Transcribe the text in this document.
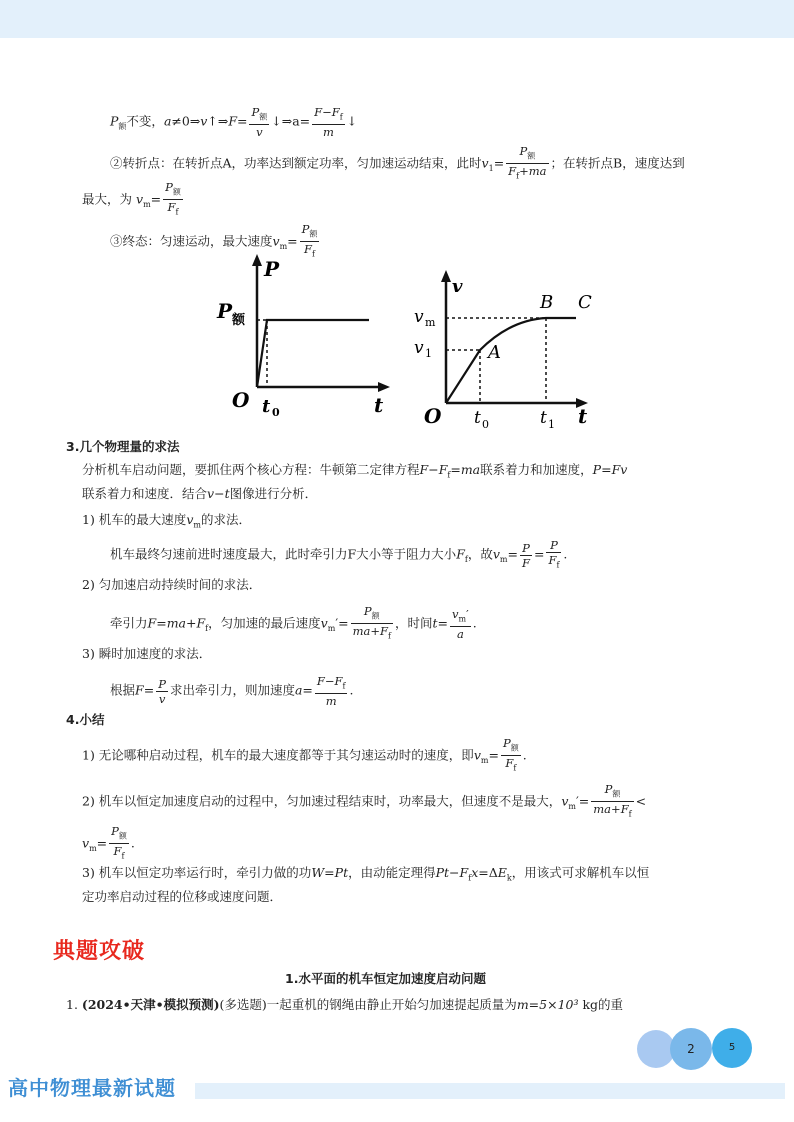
$P_额$不变，a≠0⇒v↑⇒F= $\frac{P_额}{v}$ ↓⇒a= $\frac{F-F_f}{m}$ ↓
②转折点：在转折点A，功率达到额定功率，匀加速运动结束，此时$v_1= \frac{P_额}{F_f+ma}$ ；在转折点B，速度达到
最大，为 $v_m= \frac{P_额}{F_f}$
③终态：匀速运动，最大速度$v_m= \frac{P_额}{F_f}$
P
P 额
O t 0	t
v
v m
v 1	A
B C
O t 0	t 1 t
3.几个物理量的求法
分析机车启动问题，要抓住两个核心方程：牛顿第二定律方程$F-F_f=ma$联系着力和加速度，P=Fv
联系着力和速度．结合v−t图像进行分析．
1) 机车的最大速度$v_m$的求法．
机车最终匀速前进时速度最大，此时牵引力F大小等于阻力大小$F_f$，故$v_m= \frac{P}{F} = \frac{P}{F_f}$ .
2) 匀加速启动持续时间的求法．
牵引力$F=ma+F_f$，匀加速的最后速度$v_m'= \frac{P_额}{ma+F_f}$ ，时间$t= \frac{v_m'}{a}$ .
3) 瞬时加速度的求法．
根据$F= \frac{P}{v}$ 求出牵引力，则加速度$a= \frac{F-F_f}{m}$ .
4.小结
1) 无论哪种启动过程，机车的最大速度都等于其匀速运动时的速度，即$v_m= \frac{P_额}{F_f}$ .
2) 机车以恒定加速度启动的过程中，匀加速过程结束时，功率最大，但速度不是最大，$v_m'= \frac{P_额}{ma+F_f}$ <
$v_m= \frac{P_额}{F_f}$ .
3) 机车以恒定功率运行时，牵引力做的功W=Pt，由动能定理得$Pt-F_fx=\Delta E_k$，用该式可求解机车以恒
定功率启动过程的位移或速度问题．
典题攻破
1.水平面的机车恒定加速度启动问题
1. (2024•天津•模拟预测)(多选题)一起重机的钢绳由静止开始匀加速提起质量为m=5×10³ kg的重
2	5
高中物理最新试题
